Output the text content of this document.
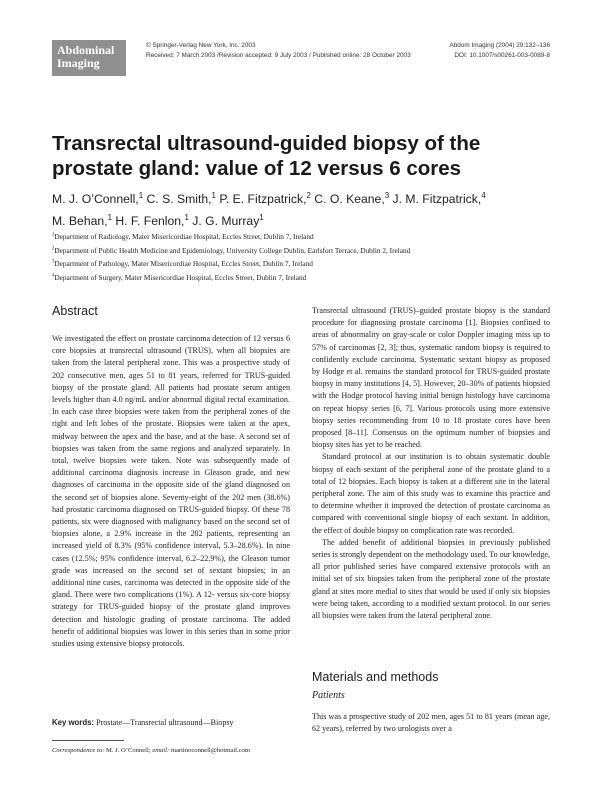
Abdominal
Imaging
© Springer-Verlag New York, Inc. 2003
Received: 7 March 2003 /Revision accepted: 9 July 2003 / Published online: 28 October 2003
Abdom Imaging (2004) 29:132–136
DOI: 10.1007/s00261-003-0089-8
Transrectal ultrasound-guided biopsy of the prostate gland: value of 12 versus 6 cores

M. J. O’Connell,$^1$ C. S. Smith,$^1$ P. E. Fitzpatrick,$^2$ C. O. Keane,$^3$ J. M. Fitzpatrick,$^4$
M. Behan,$^1$ H. F. Fenlon,$^1$ J. G. Murray$^1$

$^1$Department of Radiology, Mater Misericordiae Hospital, Eccles Street, Dublin 7, Ireland
$^2$Department of Public Health Medicine and Epidemiology, University College Dublin, Earlsfort Terrace, Dublin 2, Ireland
$^3$Department of Pathology, Mater Misericordiae Hospital, Eccles Street, Dublin 7, Ireland
$^4$Department of Surgery, Mater Misericordiae Hospital, Eccles Street, Dublin 7, Ireland
Abstract

We investigated the effect on prostate carcinoma detection of 12 versus 6 core biopsies at transrectal ultrasound (TRUS), when all biopsies are taken from the lateral peripheral zone. This was a prospective study of 202 consecutive men, ages 51 to 81 years, referred for TRUS-guided biopsy of the prostate gland. All patients had prostate serum antigen levels higher than 4.0 ng/mL and/or abnormal digital rectal examination. In each case three biopsies were taken from the peripheral zones of the right and left lobes of the prostate. Biopsies were taken at the apex, midway between the apex and the base, and at the base. A second set of biopsies was taken from the same regions and analyzed separately. In total, twelve biopsies were taken. Note was subsequently made of additional carcinoma diagnosis increase in Gleason grade, and new diagnoses of carcinoma in the opposite side of the gland diagnosed on the second set of biopsies alone. Seventy-eight of the 202 men (38.6%) had prostatic carcinoma diagnosed on TRUS-guided biopsy. Of these 78 patients, six were diagnosed with malignancy based on the second set of biopsies alone, a 2.9% increase in the 202 patients, representing an increased yield of 8.3% (95% confidence interval, 5.3–28.6%). In nine cases (12.5%; 95% confidence interval, 6.2–22.9%), the Gleason tumor grade was increased on the second set of sextant biopsies; in an additional nine cases, carcinoma was detected in the opposite side of the gland. There were two complications (1%). A 12- versus six-core biopsy strategy for TRUS-guided biopsy of the prostate gland improves detection and histologic grading of prostate carcinoma. The added benefit of additional biopsies was lower in this series than in some prior studies using extensive biopsy protocols.

Key words: Prostate—Transrectal ultrasound—Biopsy

Correspondence to: M. J. O’Connell; email: martinoconnell@hotmail.com

Transrectal ultrasound (TRUS)–guided prostate biopsy is the standard procedure for diagnosing prostate carcinoma [1]. Biopsies confined to areas of abnormality on gray-scale or color Doppler imaging miss up to 57% of carcinomas [2, 3]; thus, systematic random biopsy is required to confidently exclude carcinoma. Systematic sextant biopsy as proposed by Hodge et al. remains the standard protocol for TRUS-guided prostate biopsy in many institutions [4, 5]. However, 20–30% of patients biopsied with the Hodge protocol having initial benign histology have carcinoma on repeat biopsy series [6, 7]. Various protocols using more extensive biopsy series recommending from 10 to 18 prostate cores have been proposed [8–11]. Consensus on the optimum number of biopsies and biopsy sites has yet to be reached.

Standard protocol at our institution is to obtain systematic double biopsy of each sextant of the peripheral zone of the prostate gland to a total of 12 biopsies. Each biopsy is taken at a different site in the lateral peripheral zone. The aim of this study was to examine this practice and to determine whether it improved the detection of prostate carcinoma as compared with conventional single biopsy of each sextant. In addition, the effect of double biopsy on complication rate was recorded.

The added benefit of additional biopsies in previously published series is strongly dependent on the methodology used. To our knowledge, all prior published series have compared extensive protocols with an initial set of six biopsies taken from the peripheral zone of the prostate gland at sites more medial to sites that would be used if only six biopsies were being taken, according to a modified sextant protocol. In our series all biopsies were taken from the lateral peripheral zone.

Materials and methods
Patients

This was a prospective study of 202 men, ages 51 to 81 years (mean age, 62 years), referred by two urologists over a
